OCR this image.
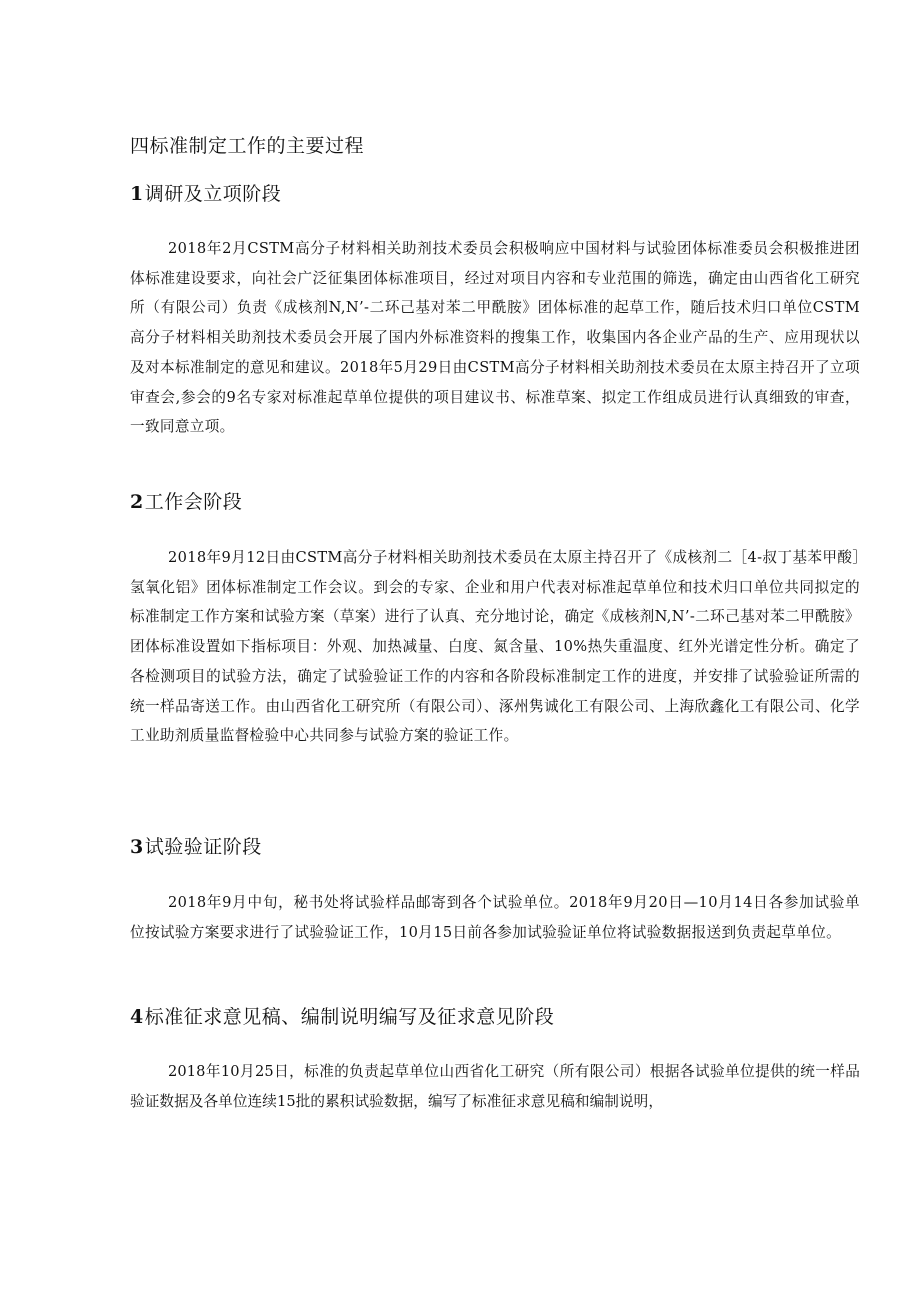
四标准制定工作的主要过程
1调研及立项阶段
2018年2月CSTM高分子材料相关助剂技术委员会积极响应中国材料与试验团体标准委员会积极推进团体标准建设要求，向社会广泛征集团体标准项目，经过对项目内容和专业范围的筛选，确定由山西省化工研究所（有限公司）负责《成核剂N,N’-二环己基对苯二甲酰胺》团体标准的起草工作，随后技术归口单位CSTM高分子材料相关助剂技术委员会开展了国内外标准资料的搜集工作，收集国内各企业产品的生产、应用现状以及对本标准制定的意见和建议。2018年5月29日由CSTM高分子材料相关助剂技术委员在太原主持召开了立项审查会,参会的9名专家对标准起草单位提供的项目建议书、标准草案、拟定工作组成员进行认真细致的审查，一致同意立项。
2工作会阶段
2018年9月12日由CSTM高分子材料相关助剂技术委员在太原主持召开了《成核剂二［4-叔丁基苯甲酸］氢氧化铝》团体标准制定工作会议。到会的专家、企业和用户代表对标准起草单位和技术归口单位共同拟定的标准制定工作方案和试验方案（草案）进行了认真、充分地讨论，确定《成核剂N,N’-二环己基对苯二甲酰胺》团体标准设置如下指标项目：外观、加热减量、白度、氮含量、10%热失重温度、红外光谱定性分析。确定了各检测项目的试验方法，确定了试验验证工作的内容和各阶段标准制定工作的进度，并安排了试验验证所需的统一样品寄送工作。由山西省化工研究所（有限公司）、涿州隽诚化工有限公司、上海欣鑫化工有限公司、化学工业助剂质量监督检验中心共同参与试验方案的验证工作。
3试验验证阶段
2018年9月中旬，秘书处将试验样品邮寄到各个试验单位。2018年9月20日—10月14日各参加试验单位按试验方案要求进行了试验验证工作，10月15日前各参加试验验证单位将试验数据报送到负责起草单位。
4标准征求意见稿、编制说明编写及征求意见阶段
2018年10月25日，标准的负责起草单位山西省化工研究（所有限公司）根据各试验单位提供的统一样品验证数据及各单位连续15批的累积试验数据，编写了标准征求意见稿和编制说明，
